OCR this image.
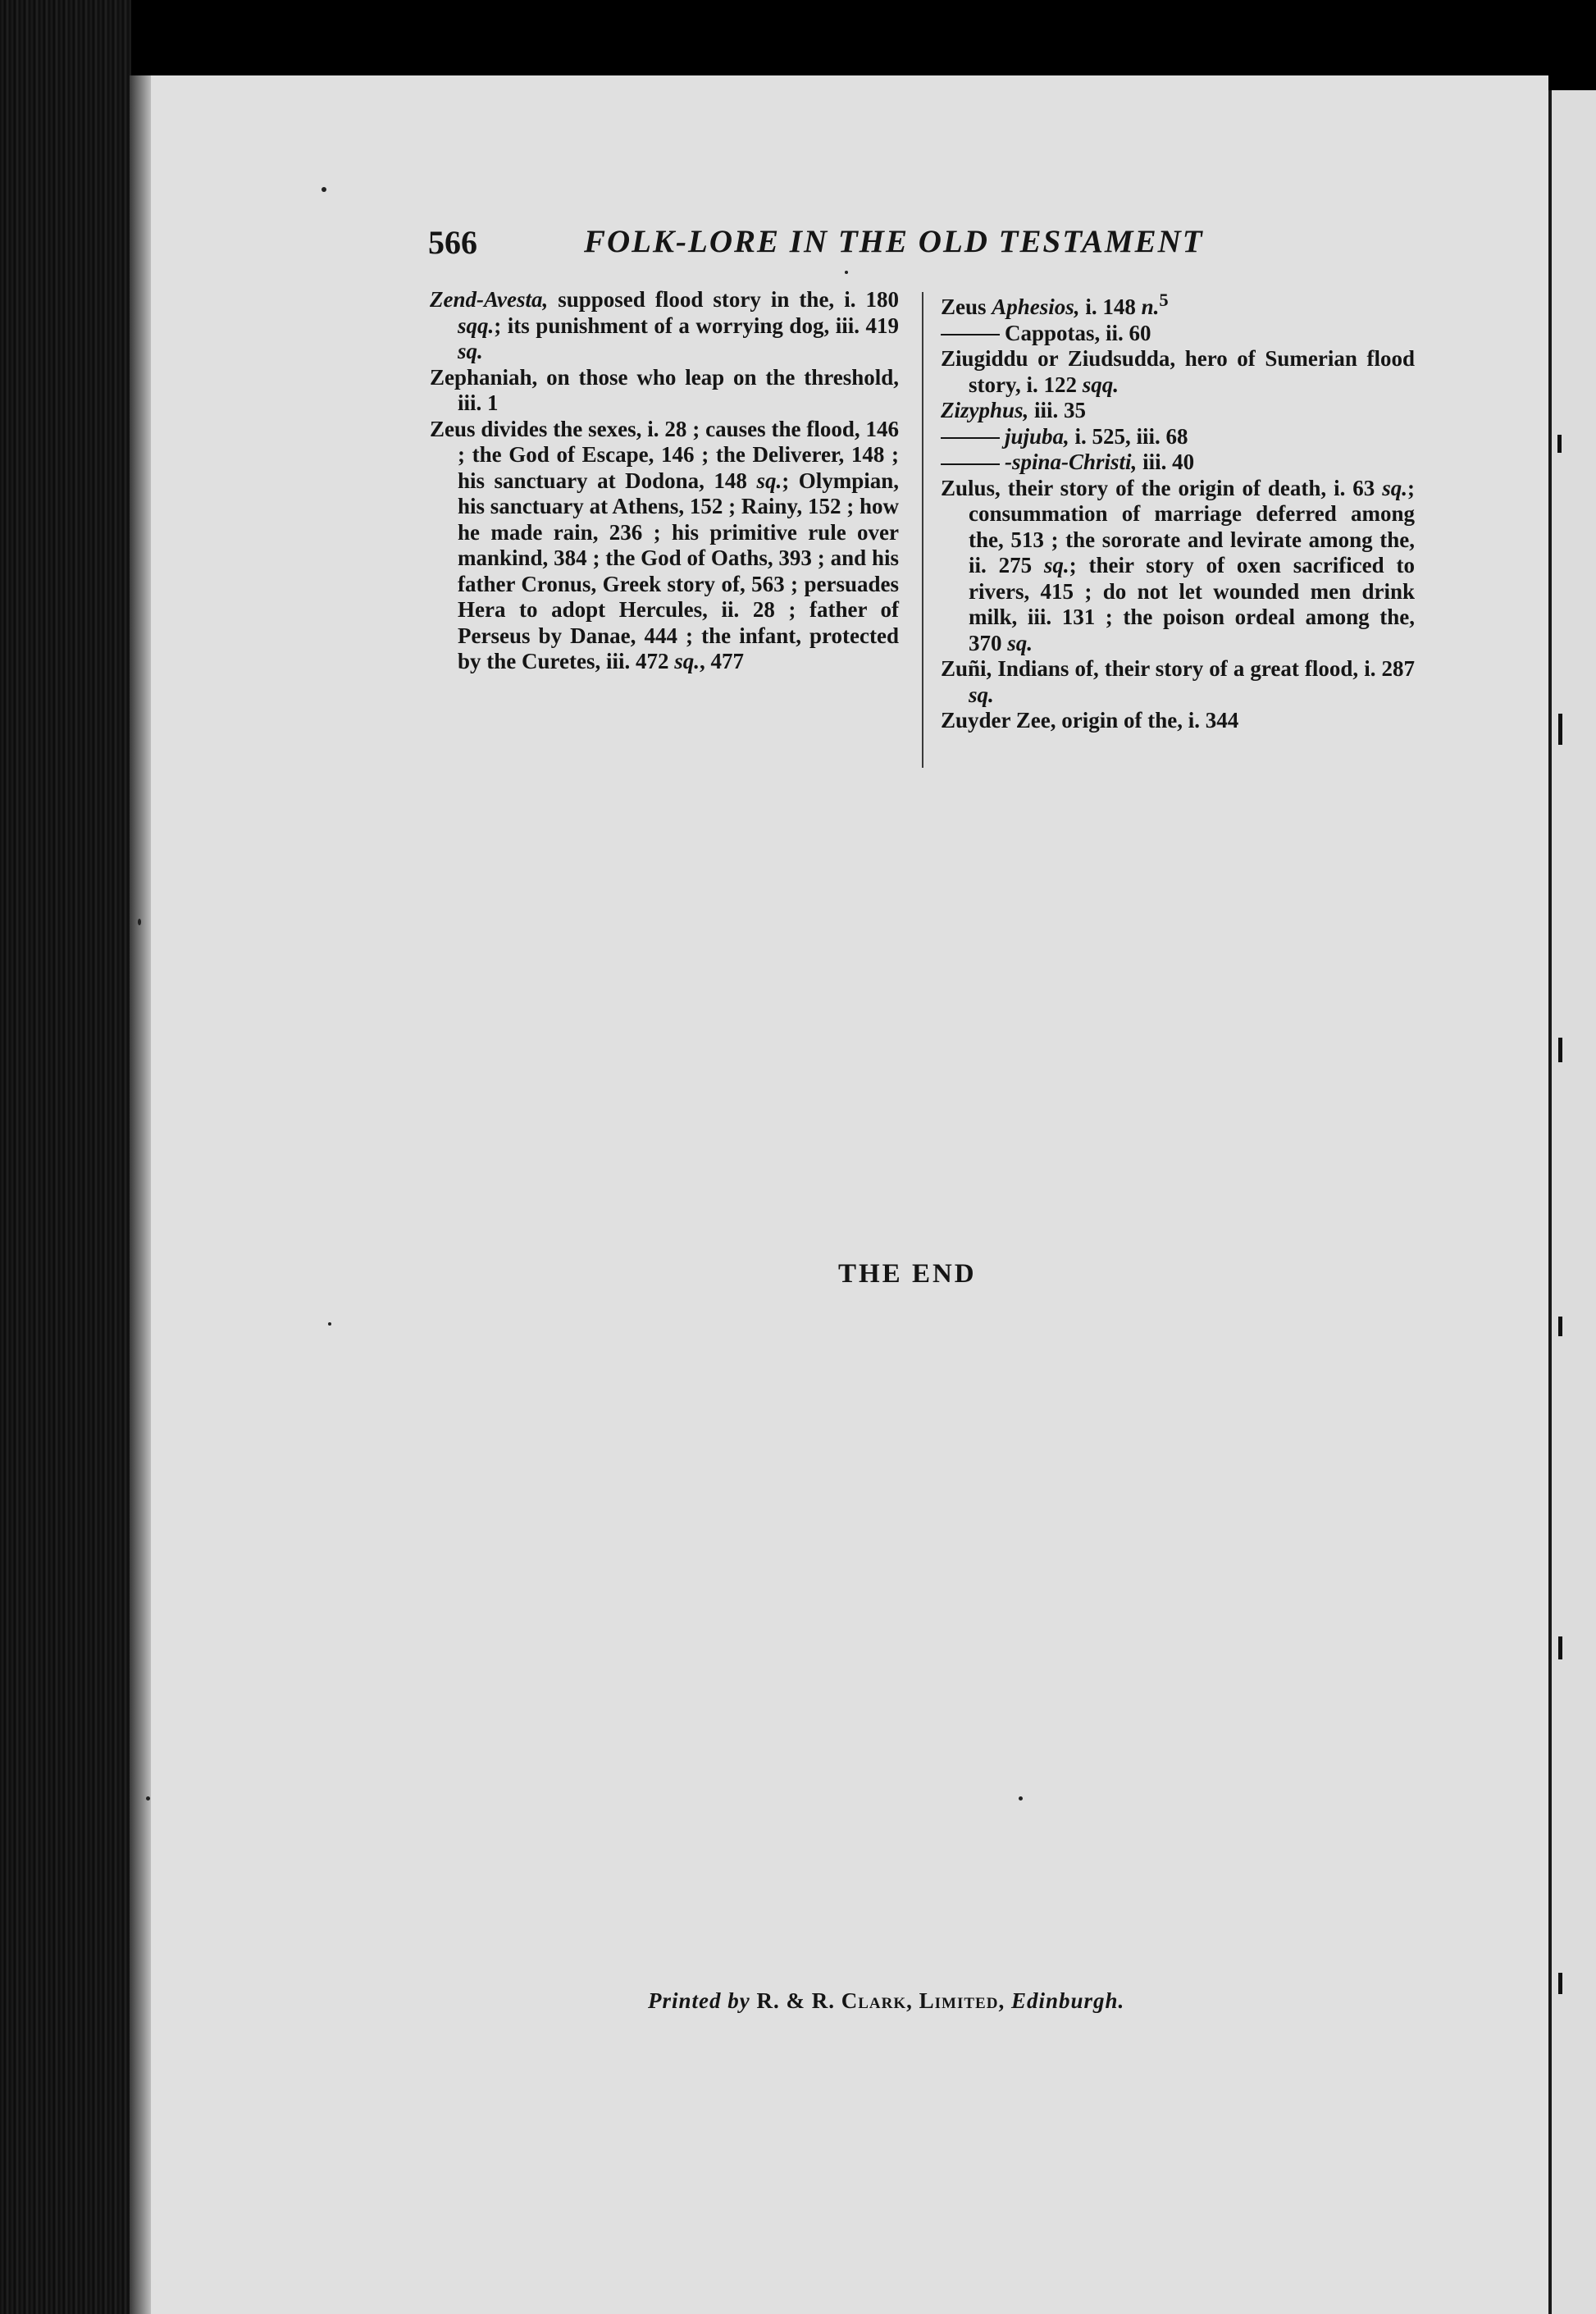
566	FOLK-LORE IN THE OLD TESTAMENT

Zend-Avesta, supposed flood story in the, i. 180 sqq.; its punishment of a worrying dog, iii. 419 sq.

Zephaniah, on those who leap on the threshold, iii. 1

Zeus divides the sexes, i. 28 ; causes the flood, 146 ; the God of Escape, 146 ; the Deliverer, 148 ; his sanctuary at Dodona, 148 sq.; Olympian, his sanctuary at Athens, 152 ; Rainy, 152 ; how he made rain, 236 ; his primitive rule over mankind, 384 ; the God of Oaths, 393 ; and his father Cronus, Greek story of, 563 ; persuades Hera to adopt Hercules, ii. 28 ; father of Perseus by Danae, 444 ; the infant, protected by the Curetes, iii. 472 sq., 477

Zeus Aphesios, i. 148 n.$^5$

Cappotas, ii. 60

Ziugiddu or Ziudsudda, hero of Sumerian flood story, i. 122 sqq.

Zizyphus, iii. 35

jujuba, i. 525, iii. 68

-spina-Christi, iii. 40

Zulus, their story of the origin of death, i. 63 sq.; consummation of marriage deferred among the, 513 ; the sororate and levirate among the, ii. 275 sq.; their story of oxen sacrificed to rivers, 415 ; do not let wounded men drink milk, iii. 131 ; the poison ordeal among the, 370 sq.

Zuñi, Indians of, their story of a great flood, i. 287 sq.

Zuyder Zee, origin of the, i. 344

THE END
Printed by R. & R. Clark, Limited, Edinburgh.
